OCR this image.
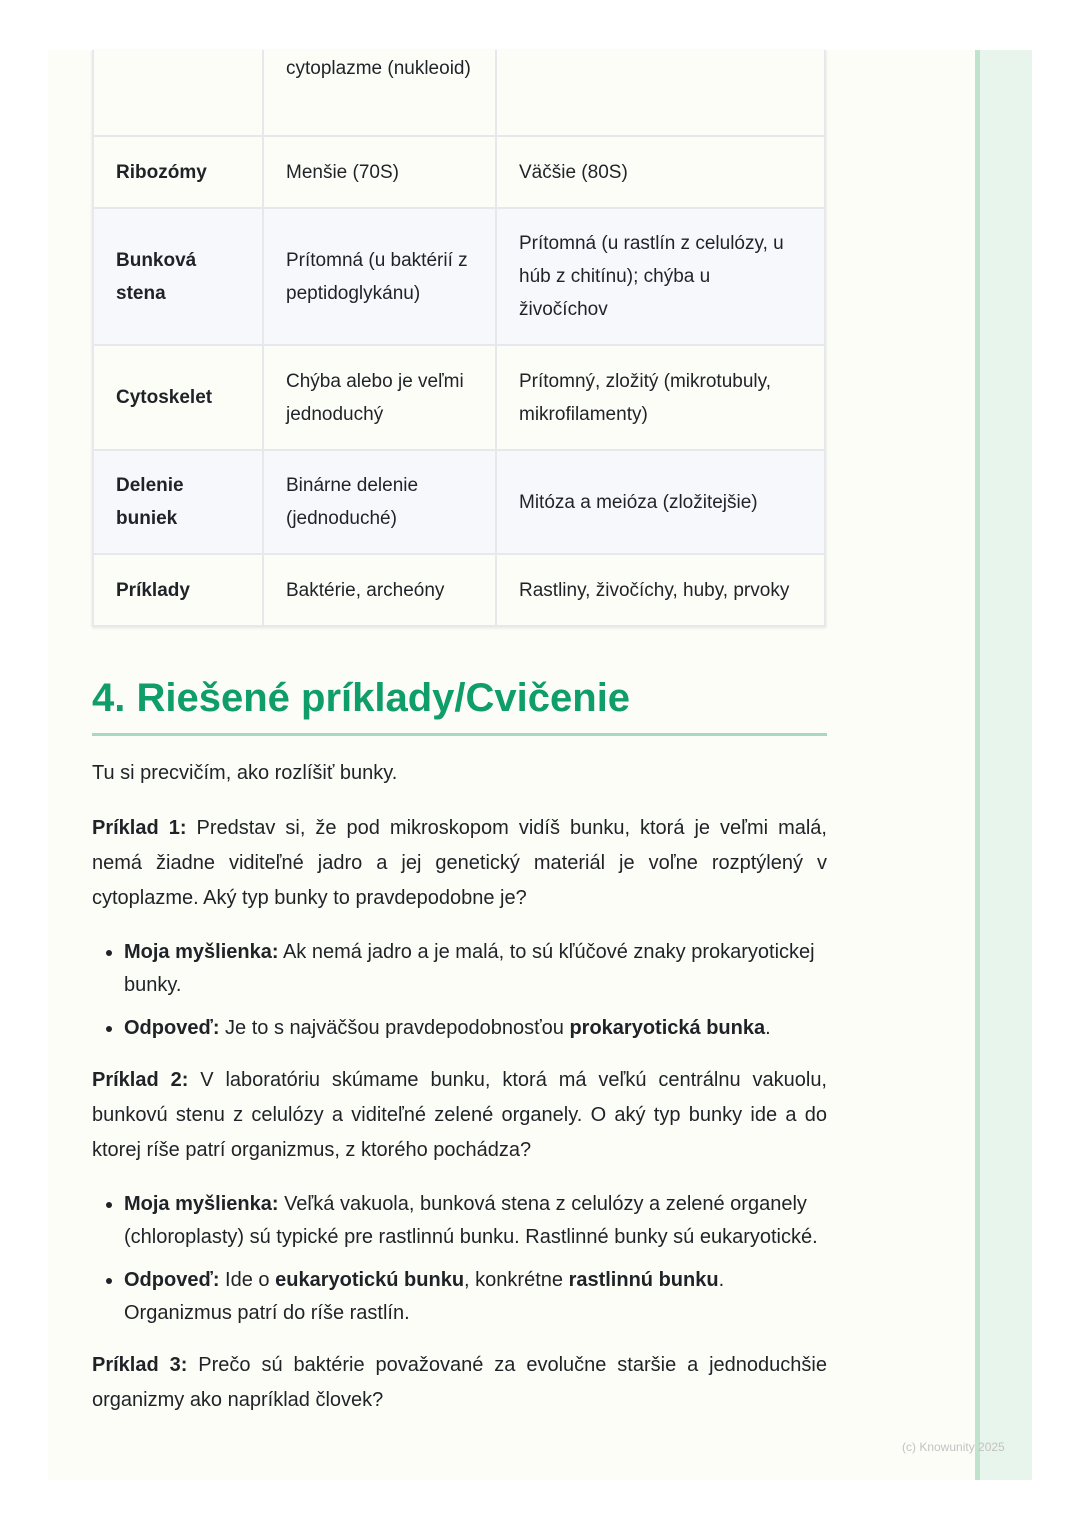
	cytoplazme (nukleoid)	
Ribozómy	Menšie (70S)	Väčšie (80S)
Bunková stena	Prítomná (u baktérií z peptidoglykánu)	Prítomná (u rastlín z celulózy, u húb z chitínu); chýba u živočíchov
Cytoskelet	Chýba alebo je veľmi jednoduchý	Prítomný, zložitý (mikrotubuly, mikrofilamenty)
Delenie buniek	Binárne delenie (jednoduché)	Mitóza a meióza (zložitejšie)
Príklady	Baktérie, archeóny	Rastliny, živočíchy, huby, prvoky
4. Riešené príklady/Cvičenie

Tu si precvičím, ako rozlíšiť bunky.

Príklad 1: Predstav si, že pod mikroskopom vidíš bunku, ktorá je veľmi malá, nemá žiadne viditeľné jadro a jej genetický materiál je voľne rozptýlený v cytoplazme. Aký typ bunky to pravdepodobne je?

• Moja myšlienka: Ak nemá jadro a je malá, to sú kľúčové znaky prokaryotickej bunky.
• Odpoveď: Je to s najväčšou pravdepodobnosťou prokaryotická bunka.

Príklad 2: V laboratóriu skúmame bunku, ktorá má veľkú centrálnu vakuolu, bunkovú stenu z celulózy a viditeľné zelené organely. O aký typ bunky ide a do ktorej ríše patrí organizmus, z ktorého pochádza?

• Moja myšlienka: Veľká vakuola, bunková stena z celulózy a zelené organely (chloroplasty) sú typické pre rastlinnú bunku. Rastlinné bunky sú eukaryotické.
• Odpoveď: Ide o eukaryotickú bunku, konkrétne rastlinnú bunku. Organizmus patrí do ríše rastlín.

Príklad 3: Prečo sú baktérie považované za evolučne staršie a jednoduchšie organizmy ako napríklad človek?

(c) Knowunity 2025
